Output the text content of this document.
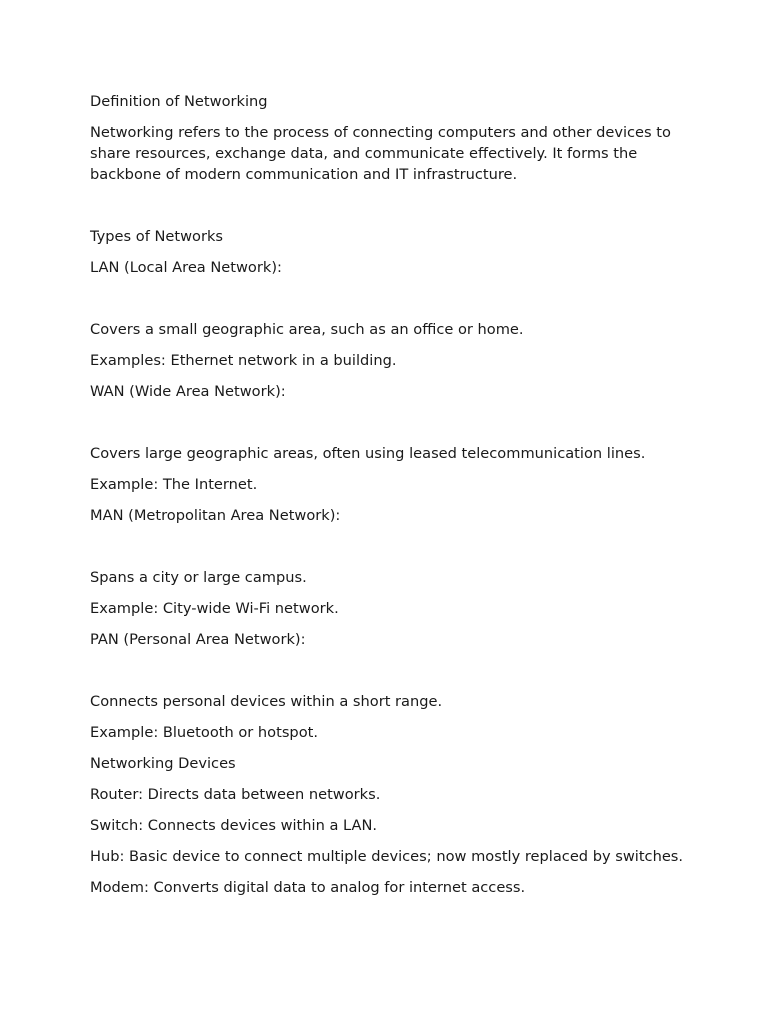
Definition of Networking

Networking refers to the process of connecting computers and other devices to share resources, exchange data, and communicate effectively. It forms the backbone of modern communication and IT infrastructure.

Types of Networks

LAN (Local Area Network):

Covers a small geographic area, such as an office or home.

Examples: Ethernet network in a building.

WAN (Wide Area Network):

Covers large geographic areas, often using leased telecommunication lines.

Example: The Internet.

MAN (Metropolitan Area Network):

Spans a city or large campus.

Example: City-wide Wi-Fi network.

PAN (Personal Area Network):

Connects personal devices within a short range.

Example: Bluetooth or hotspot.

Networking Devices

Router: Directs data between networks.

Switch: Connects devices within a LAN.

Hub: Basic device to connect multiple devices; now mostly replaced by switches.

Modem: Converts digital data to analog for internet access.
